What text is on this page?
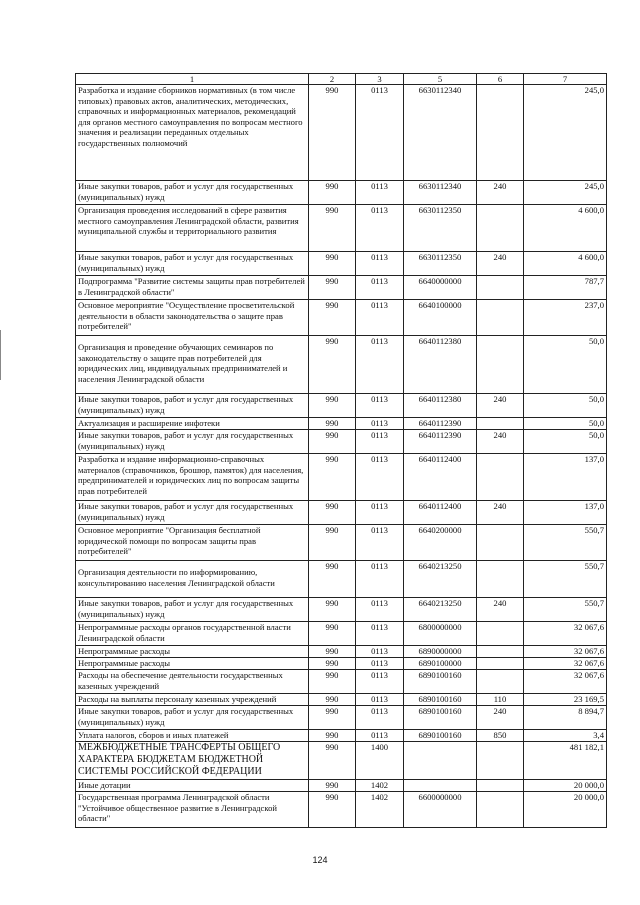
1	2	3	5	6	7
Разработка и издание сборников нормативных (в том числе типовых) правовых актов, аналитических, методических, справочных и информационных материалов, рекомендаций для органов местного самоуправления по вопросам местного значения и реализации переданных отдельных государственных полномочий	990	0113	6630112340		245,0
Иные закупки товаров, работ и услуг для государственных (муниципальных) нужд	990	0113	6630112340	240	245,0
Организация проведения исследований в сфере развития местного самоуправления Ленинградской области, развития муниципальной службы и территориального развития	990	0113	6630112350		4 600,0
Иные закупки товаров, работ и услуг для государственных (муниципальных) нужд	990	0113	6630112350	240	4 600,0
Подпрограмма "Развитие системы защиты прав потребителей в Ленинградской области"	990	0113	6640000000		787,7
Основное мероприятие "Осуществление просветительской деятельности в области законодательства о защите прав потребителей"	990	0113	6640100000		237,0
Организация и проведение обучающих семинаров по законодательству о защите прав потребителей для юридических лиц, индивидуальных предпринимателей и населения Ленинградской области	990	0113	6640112380		50,0
Иные закупки товаров, работ и услуг для государственных (муниципальных) нужд	990	0113	6640112380	240	50,0
Актуализация и расширение инфотеки	990	0113	6640112390		50,0
Иные закупки товаров, работ и услуг для государственных (муниципальных) нужд	990	0113	6640112390	240	50,0
Разработка и издание информационно-справочных материалов (справочников, брошюр, памяток) для населения, предпринимателей и юридических лиц по вопросам защиты прав потребителей	990	0113	6640112400		137,0
Иные закупки товаров, работ и услуг для государственных (муниципальных) нужд	990	0113	6640112400	240	137,0
Основное мероприятие "Организация бесплатной юридической помощи по вопросам защиты прав потребителей"	990	0113	6640200000		550,7
Организация деятельности по информированию, консультированию населения Ленинградской области	990	0113	6640213250		550,7
Иные закупки товаров, работ и услуг для государственных (муниципальных) нужд	990	0113	6640213250	240	550,7
Непрограммные расходы органов государственной власти Ленинградской области	990	0113	6800000000		32 067,6
Непрограммные расходы	990	0113	6890000000		32 067,6
Непрограммные расходы	990	0113	6890100000		32 067,6
Расходы на обеспечение деятельности государственных казенных учреждений	990	0113	6890100160		32 067,6
Расходы на выплаты персоналу казенных учреждений	990	0113	6890100160	110	23 169,5
Иные закупки товаров, работ и услуг для государственных (муниципальных) нужд	990	0113	6890100160	240	8 894,7
Уплата налогов, сборов и иных платежей	990	0113	6890100160	850	3,4
МЕЖБЮДЖЕТНЫЕ ТРАНСФЕРТЫ ОБЩЕГО ХАРАКТЕРА БЮДЖЕТАМ БЮДЖЕТНОЙ СИСТЕМЫ РОССИЙСКОЙ ФЕДЕРАЦИИ	990	1400			481 182,1
Иные дотации	990	1402			20 000,0
Государственная программа Ленинградской области "Устойчивое общественное развитие в Ленинградской области"	990	1402	6600000000		20 000,0
124
